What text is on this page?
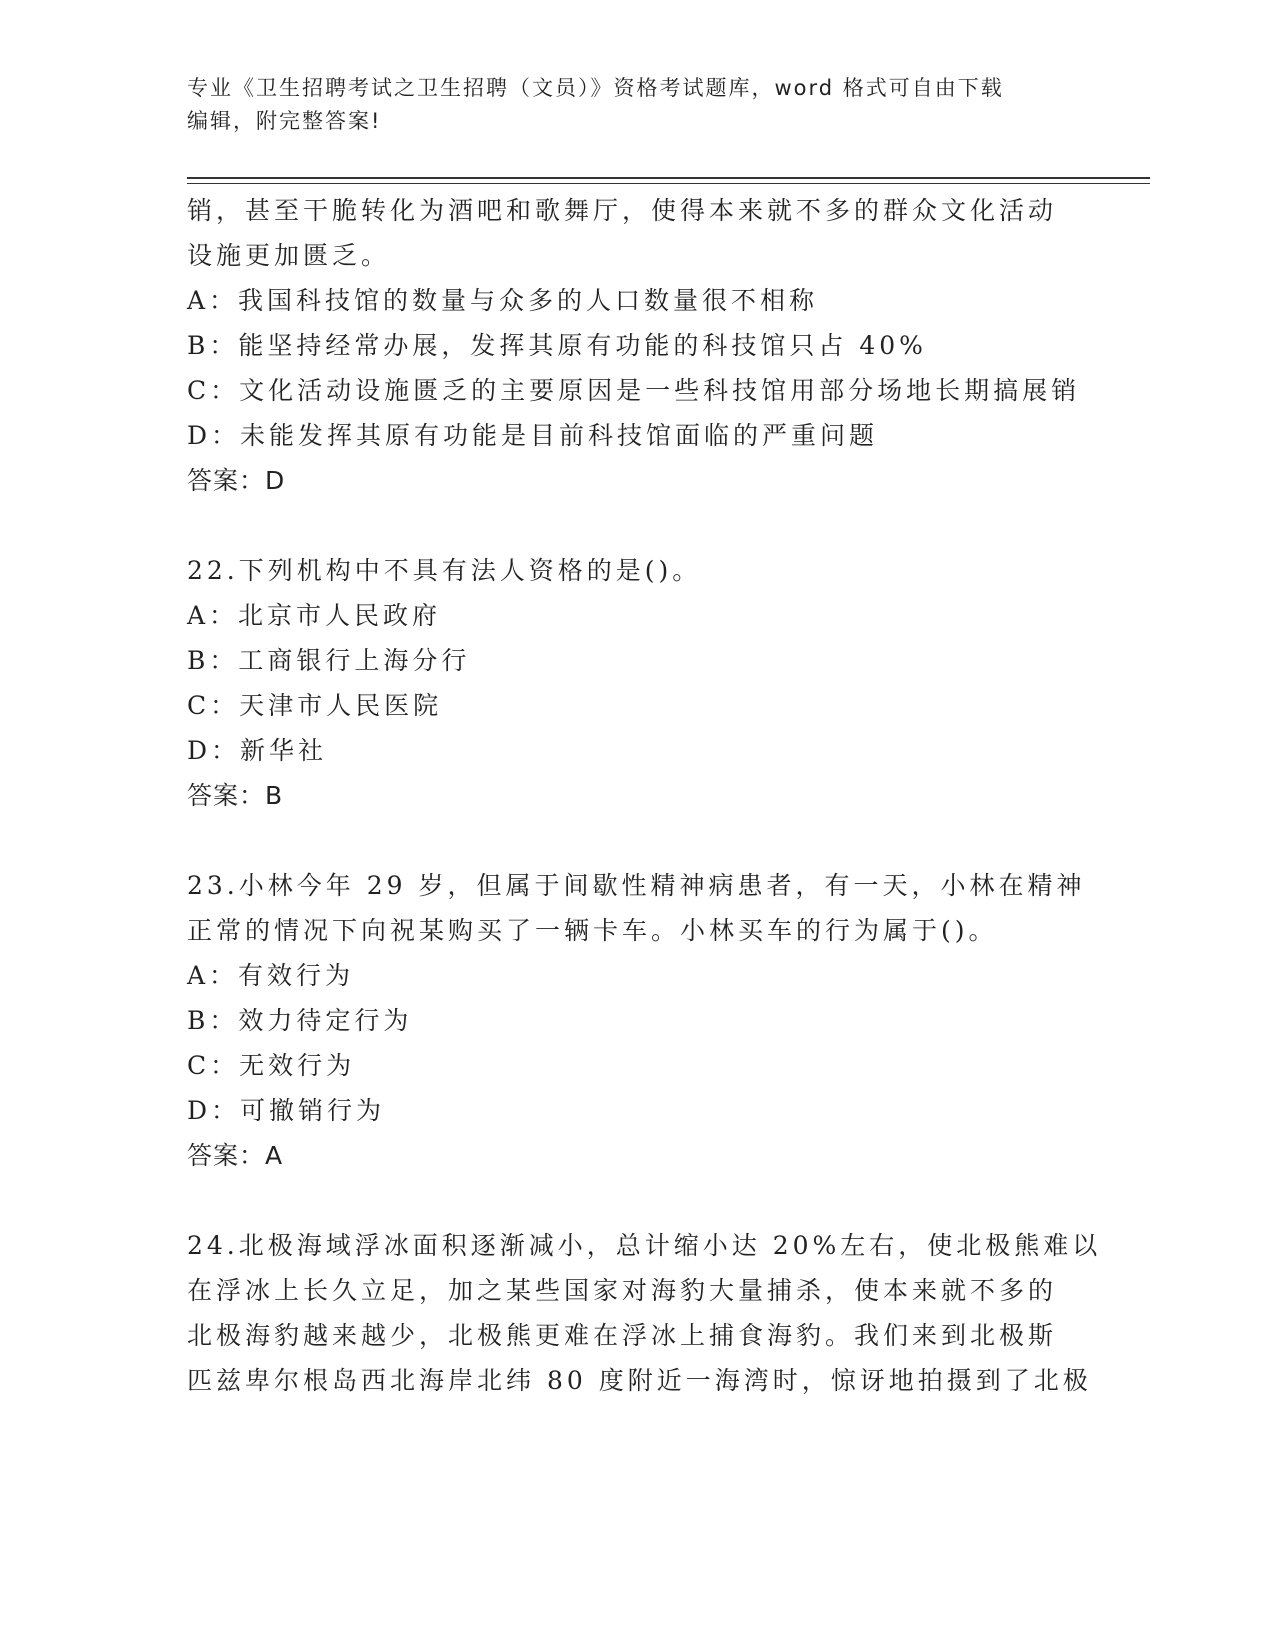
专业《卫生招聘考试之卫生招聘（文员）》资格考试题库，word 格式可自由下载
编辑，附完整答案!
销，甚至干脆转化为酒吧和歌舞厅，使得本来就不多的群众文化活动
设施更加匮乏。
A：我国科技馆的数量与众多的人口数量很不相称
B：能坚持经常办展，发挥其原有功能的科技馆只占 40%
C：文化活动设施匮乏的主要原因是一些科技馆用部分场地长期搞展销
D：未能发挥其原有功能是目前科技馆面临的严重问题
答案：D
22.下列机构中不具有法人资格的是()。
A：北京市人民政府
B：工商银行上海分行
C：天津市人民医院
D：新华社
答案：B
23.小林今年 29 岁，但属于间歇性精神病患者，有一天，小林在精神
正常的情况下向祝某购买了一辆卡车。小林买车的行为属于()。
A：有效行为
B：效力待定行为
C：无效行为
D：可撤销行为
答案：A
24.北极海域浮冰面积逐渐减小，总计缩小达 20%左右，使北极熊难以
在浮冰上长久立足，加之某些国家对海豹大量捕杀，使本来就不多的
北极海豹越来越少，北极熊更难在浮冰上捕食海豹。我们来到北极斯
匹兹卑尔根岛西北海岸北纬 80 度附近一海湾时，惊讶地拍摄到了北极
